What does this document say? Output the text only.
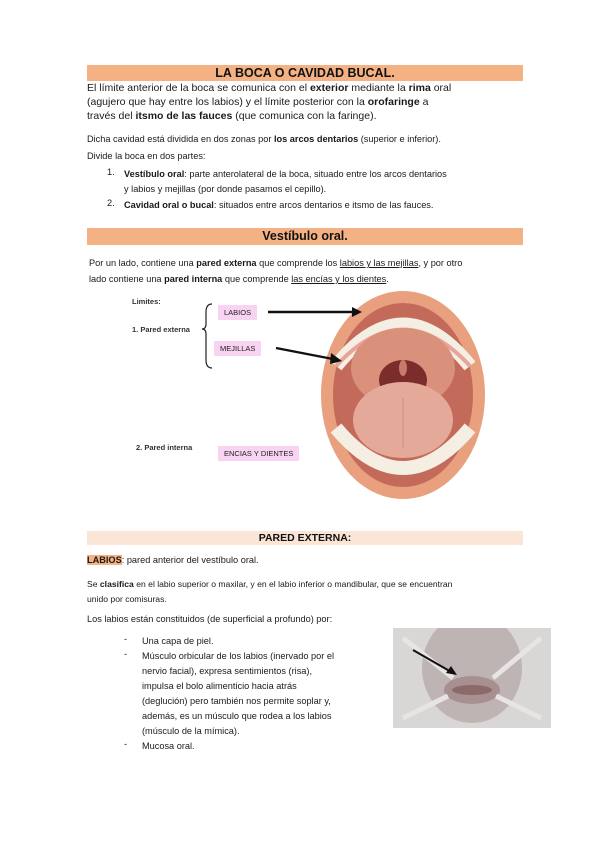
LA BOCA O CAVIDAD BUCAL.
El límite anterior de la boca se comunica con el exterior mediante la rima oral
(agujero que hay entre los labios) y el límite posterior con la orofaringe a
través del itsmo de las fauces (que comunica con la faringe).
Dicha cavidad está dividida en dos zonas por los arcos dentarios (superior e inferior).
Divide la boca en dos partes:
1. Vestíbulo oral: parte anterolateral de la boca, situado entre los arcos dentarios
y labios y mejillas (por donde pasamos el cepillo).
2. Cavidad oral o bucal: situados entre arcos dentarios e itsmo de las fauces.
Vestíbulo oral.
Por un lado, contiene una pared externa que comprende los labios y las mejillas, y por otro
lado contiene una pared interna que comprende las encías y los dientes.
Limites:
1. Pared externa
2. Pared interna
LABIOS
MEJILLAS
ENCIAS Y DIENTES
PARED EXTERNA:
LABIOS: pared anterior del vestíbulo oral.
Se clasifica en el labio superior o maxilar, y en el labio inferior o mandibular, que se encuentran
unido por comisuras.
Los labios están constituidos (de superficial a profundo) por:
- Una capa de piel.
- Músculo orbicular de los labios (inervado por el
nervio facial), expresa sentimientos (risa),
impulsa el bolo alimenticio hacia atrás
(deglución) pero también nos permite soplar y,
además, es un músculo que rodea a los labios
(músculo de la mímica).
- Mucosa oral.
